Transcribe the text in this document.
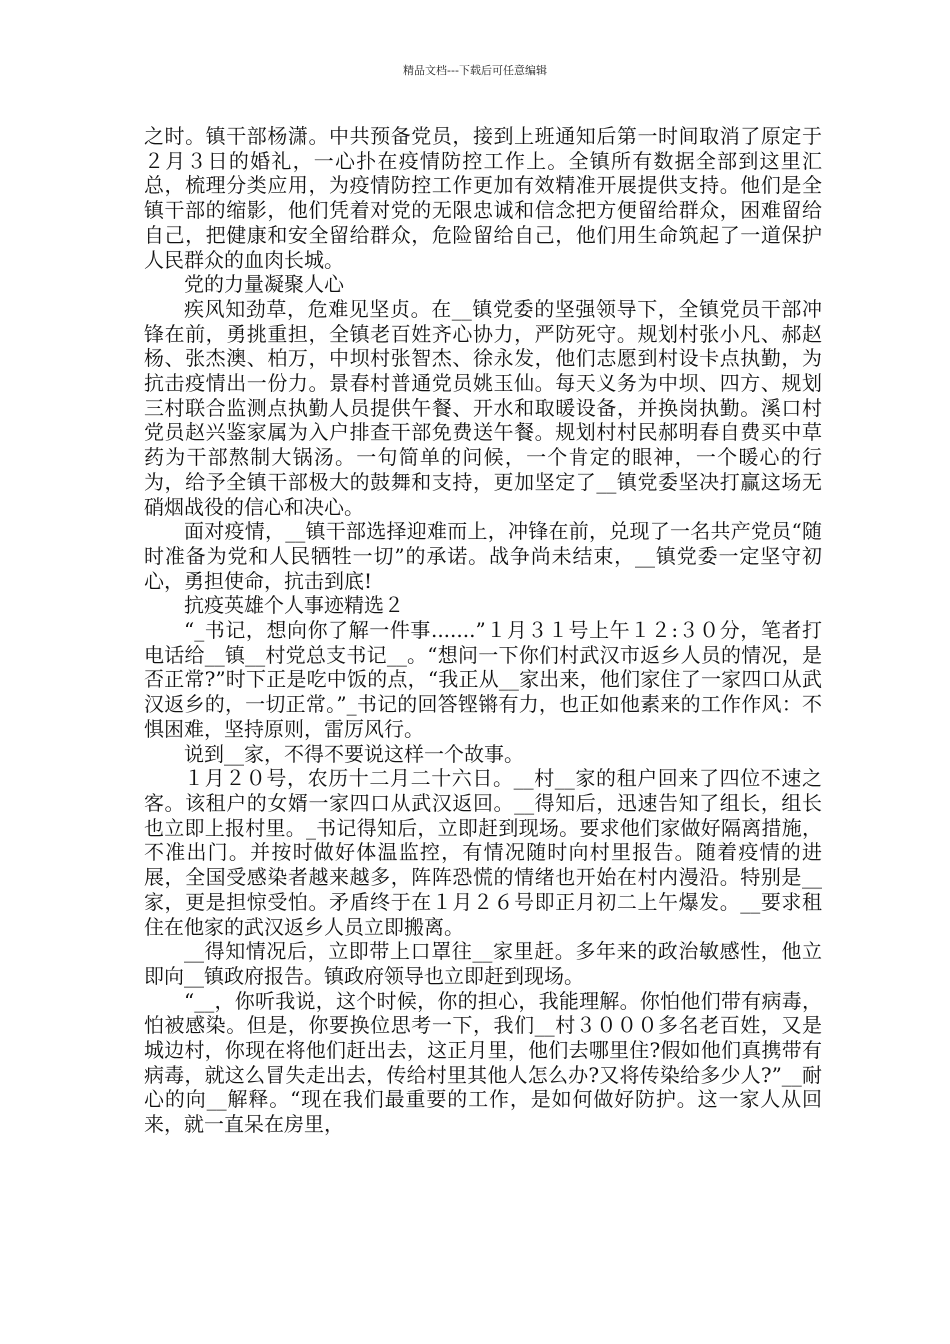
精品文档---下载后可任意编辑

之时。镇干部杨潇。中共预备党员，接到上班通知后第一时间取消了原定于２月３日的婚礼，一心扑在疫情防控工作上。全镇所有数据全部到这里汇总，梳理分类应用，为疫情防控工作更加有效精准开展提供支持。他们是全镇干部的缩影，他们凭着对党的无限忠诚和信念把方便留给群众，困难留给自己，把健康和安全留给群众，危险留给自己，他们用生命筑起了一道保护人民群众的血肉长城。

党的力量凝聚人心

疾风知劲草，危难见坚贞。在__镇党委的坚强领导下，全镇党员干部冲锋在前，勇挑重担，全镇老百姓齐心协力，严防死守。规划村张小凡、郝赵杨、张杰澳、柏万，中坝村张智杰、徐永发，他们志愿到村设卡点执勤，为抗击疫情出一份力。景春村普通党员姚玉仙。每天义务为中坝、四方、规划三村联合监测点执勤人员提供午餐、开水和取暖设备，并换岗执勤。溪口村党员赵兴鉴家属为入户排查干部免费送午餐。规划村村民郝明春自费买中草药为干部熬制大锅汤。一句简单的问候，一个肯定的眼神，一个暖心的行为，给予全镇干部极大的鼓舞和支持，更加坚定了__镇党委坚决打赢这场无硝烟战役的信心和决心。

面对疫情，__镇干部选择迎难而上，冲锋在前，兑现了一名共产党员“随时准备为党和人民牺牲一切”的承诺。战争尚未结束，__镇党委一定坚守初心，勇担使命，抗击到底!

抗疫英雄个人事迹精选２

“_书记，想向你了解一件事.......”１月３１号上午１２:３０分，笔者打电话给__镇__村党总支书记__。“想问一下你们村武汉市返乡人员的情况，是否正常?”时下正是吃中饭的点，“我正从__家出来，他们家住了一家四口从武汉返乡的，一切正常。”_书记的回答铿锵有力，也正如他素来的工作作风：不惧困难，坚持原则，雷厉风行。

说到__家，不得不要说这样一个故事。

１月２０号，农历十二月二十六日。__村__家的租户回来了四位不速之客。该租户的女婿一家四口从武汉返回。__得知后，迅速告知了组长，组长也立即上报村里。_书记得知后，立即赶到现场。要求他们家做好隔离措施，不准出门。并按时做好体温监控，有情况随时向村里报告。随着疫情的进展，全国受感染者越来越多，阵阵恐慌的情绪也开始在村内漫沿。特别是__家，更是担惊受怕。矛盾终于在１月２６号即正月初二上午爆发。__要求租住在他家的武汉返乡人员立即搬离。

__得知情况后，立即带上口罩往__家里赶。多年来的政治敏感性，他立即向__镇政府报告。镇政府领导也立即赶到现场。

“__，你听我说，这个时候，你的担心，我能理解。你怕他们带有病毒，怕被感染。但是，你要换位思考一下，我们__村３０００多名老百姓，又是城边村，你现在将他们赶出去，这正月里，他们去哪里住?假如他们真携带有病毒，就这么冒失走出去，传给村里其他人怎么办?又将传染给多少人?”__耐心的向__解释。“现在我们最重要的工作，是如何做好防护。这一家人从回来，就一直呆在房里，
